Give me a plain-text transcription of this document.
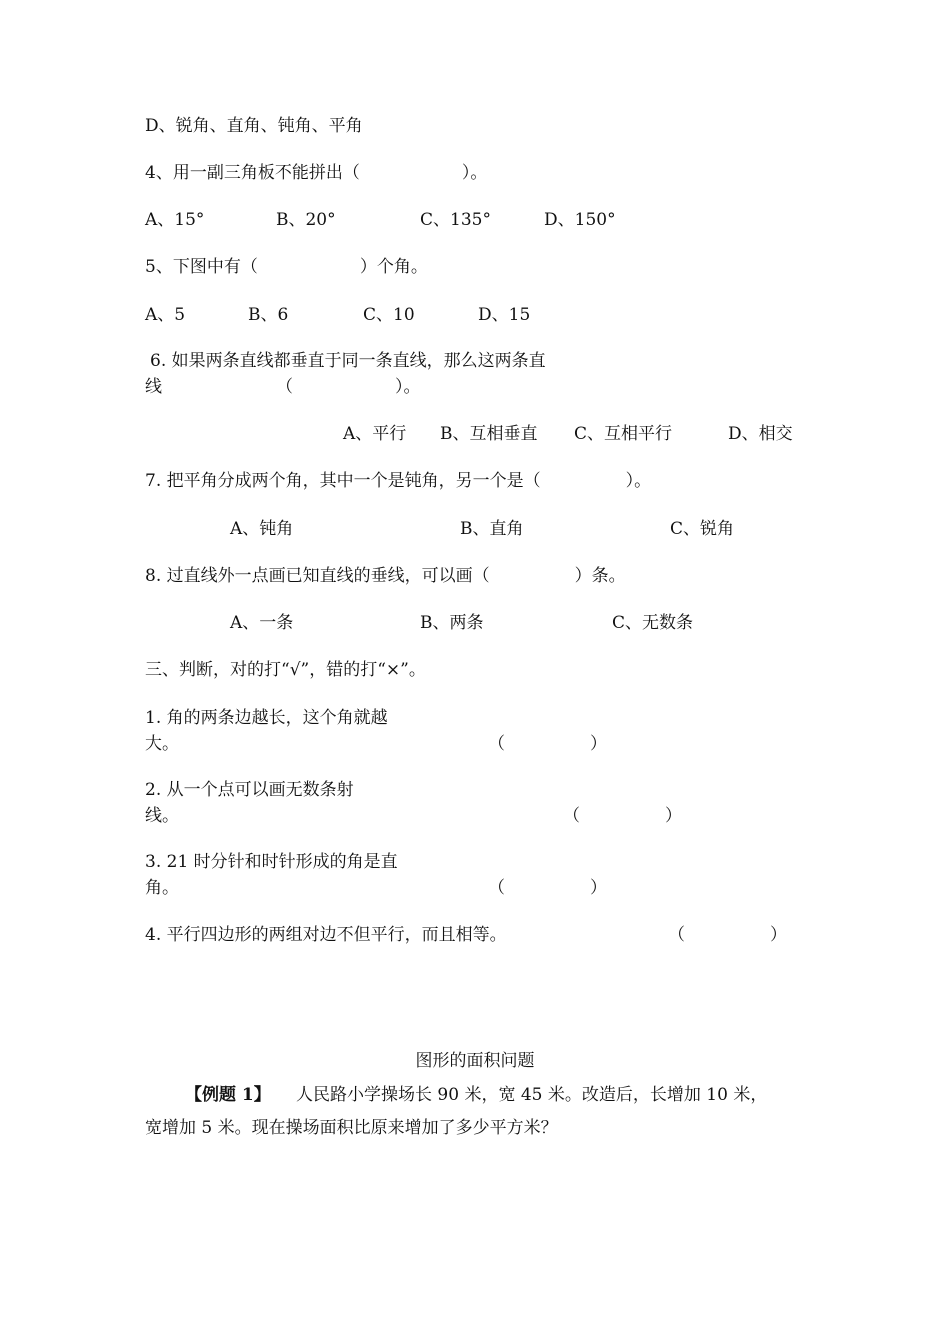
D、锐角、直角、钝角、平角
4、用一副三角板不能拼出（　　　　　　）。
A、15°	B、20°	C、135°	D、150°
5、下图中有（　　　　　　）个角。
A、5	B、6	C、10	D、15
6. 如果两条直线都垂直于同一条直线，那么这两条直
线	（　　　　　　）。
A、平行 B、互相垂直 C、互相平行	D、相交
7. 把平角分成两个角，其中一个是钝角，另一个是（　　　　　）。
A、钝角	B、直角	C、锐角
8. 过直线外一点画已知直线的垂线，可以画（　　　　　）条。
A、一条	B、两条	C、无数条
三、判断，对的打“√”，错的打“×”。
1. 角的两条边越长，这个角就越
大。	（　　　　　）
2. 从一个点可以画无数条射
线。	（　　　　　）
3. 21 时分针和时针形成的角是直
角。	（　　　　　）
4. 平行四边形的两组对边不但平行，而且相等。	（　　　　　）
图形的面积问题
【例题 1】 人民路小学操场长 90 米，宽 45 米。改造后，长增加 10 米，
宽增加 5 米。现在操场面积比原来增加了多少平方米？
